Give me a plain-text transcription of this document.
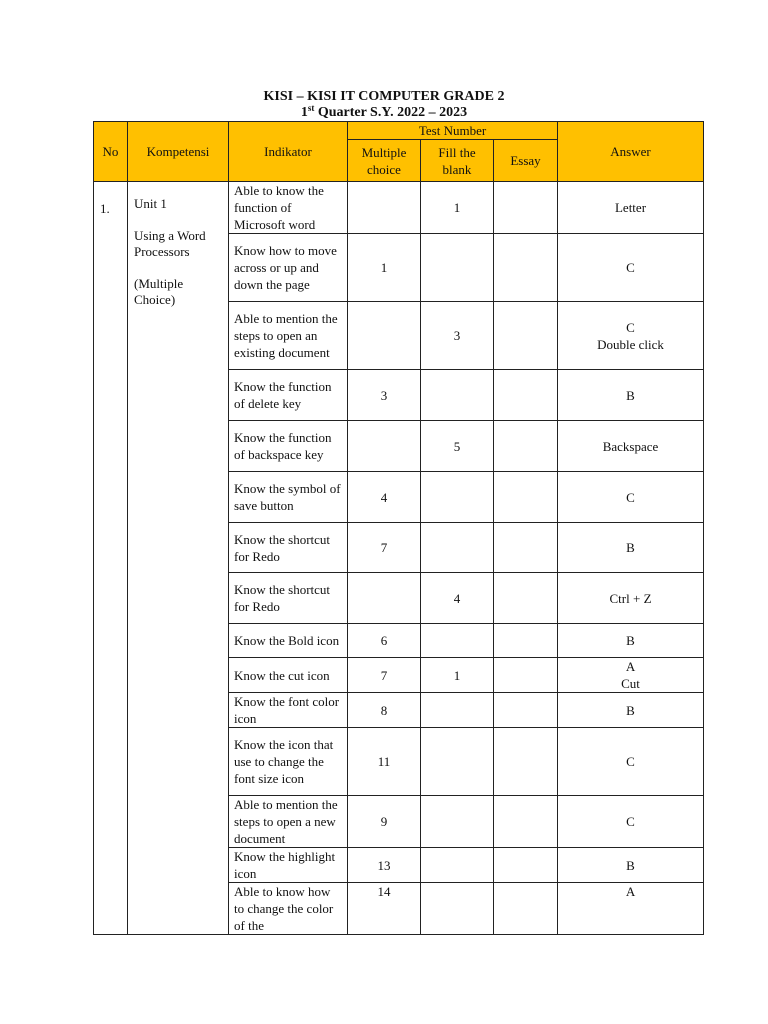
KISI – KISI IT COMPUTER GRADE 2
1st Quarter S.Y. 2022 – 2023
No	Kompetensi	Indikator	Test Number			Answer
			Multiple choice	Fill the blank	Essay	
1.	Unit 1

Using a Word Processors

(Multiple Choice)	Able to know the function of Microsoft word		1		Letter
		Know how to move across or up and down the page	1			C
		Able to mention the steps to open an existing document		3		C
Double click

		Know the function of delete key	3			B
		Know the function of backspace key		5		Backspace
		Know the symbol of save button	4			C
		Know the shortcut for Redo	7			B
		Know the shortcut for Redo		4		Ctrl + Z
		Know the Bold icon	6			B
		Know the cut icon	7	1		A
Cut

		Know the font color icon	8			B
		Know the icon that use to change the font size icon	11			C
		Able to mention the steps to open a new document	9			C
		Know the highlight icon	13			B
		Able to know how to change the color of the	14			A
